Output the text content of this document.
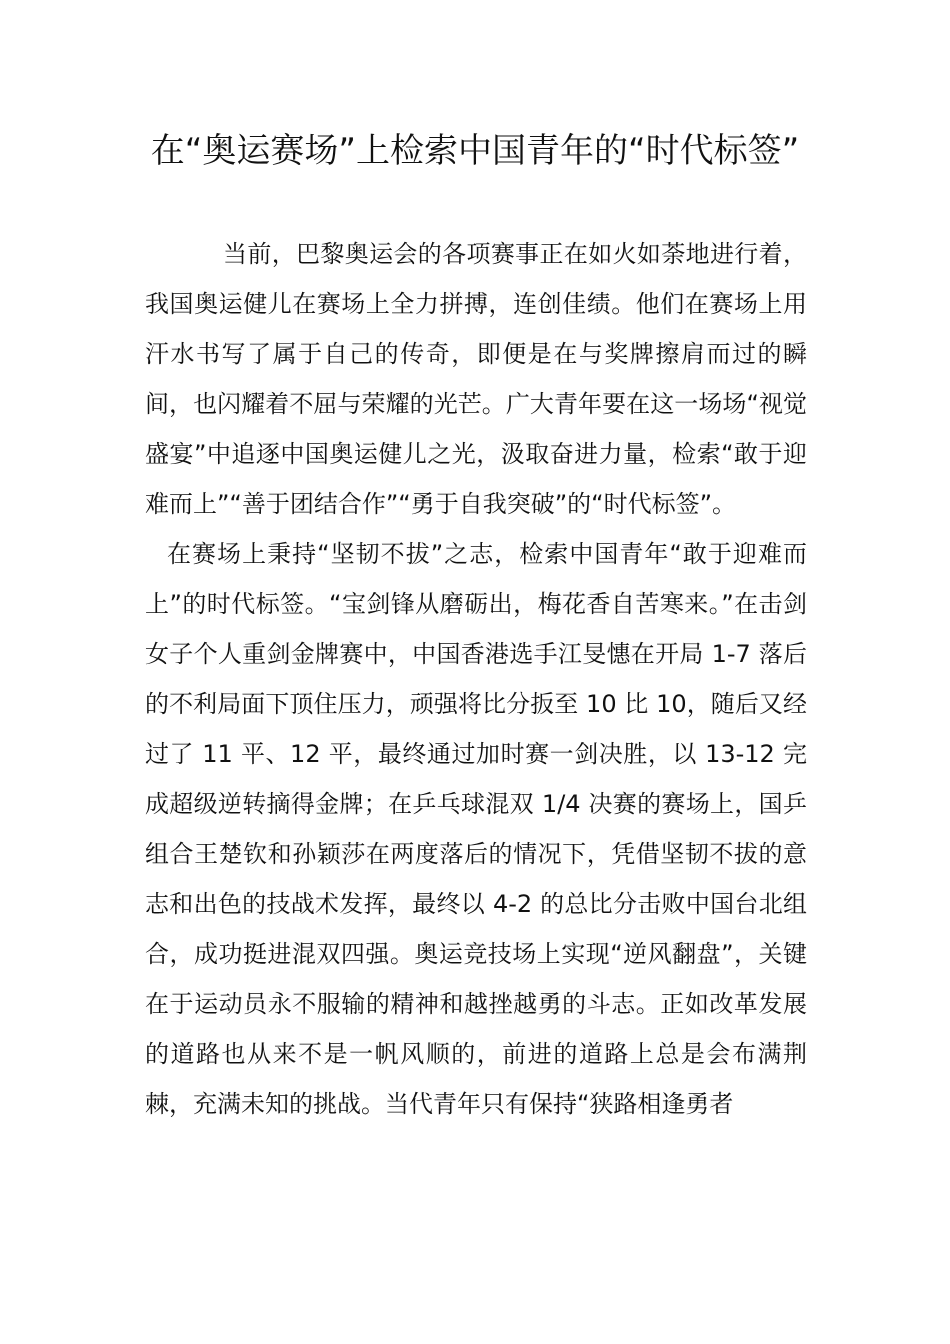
在“奥运赛场”上检索中国青年的“时代标签”

当前，巴黎奥运会的各项赛事正在如火如荼地进行着，我国奥运健儿在赛场上全力拼搏，连创佳绩。他们在赛场上用汗水书写了属于自己的传奇，即便是在与奖牌擦肩而过的瞬间，也闪耀着不屈与荣耀的光芒。广大青年要在这一场场“视觉盛宴”中追逐中国奥运健儿之光，汲取奋进力量，检索“敢于迎难而上”“善于团结合作”“勇于自我突破”的“时代标签”。

在赛场上秉持“坚韧不拔”之志，检索中国青年“敢于迎难而上”的时代标签。“宝剑锋从磨砺出，梅花香自苦寒来。”在击剑女子个人重剑金牌赛中，中国香港选手江旻憓在开局 1-7 落后的不利局面下顶住压力，顽强将比分扳至 10 比 10，随后又经过了 11 平、12 平，最终通过加时赛一剑决胜，以 13-12 完成超级逆转摘得金牌；在乒乓球混双 1/4 决赛的赛场上，国乒组合王楚钦和孙颖莎在两度落后的情况下，凭借坚韧不拔的意志和出色的技战术发挥，最终以 4-2 的总比分击败中国台北组合，成功挺进混双四强。奥运竞技场上实现“逆风翻盘”，关键在于运动员永不服输的精神和越挫越勇的斗志。正如改革发展的道路也从来不是一帆风顺的，前进的道路上总是会布满荆棘，充满未知的挑战。当代青年只有保持“狭路相逢勇者
